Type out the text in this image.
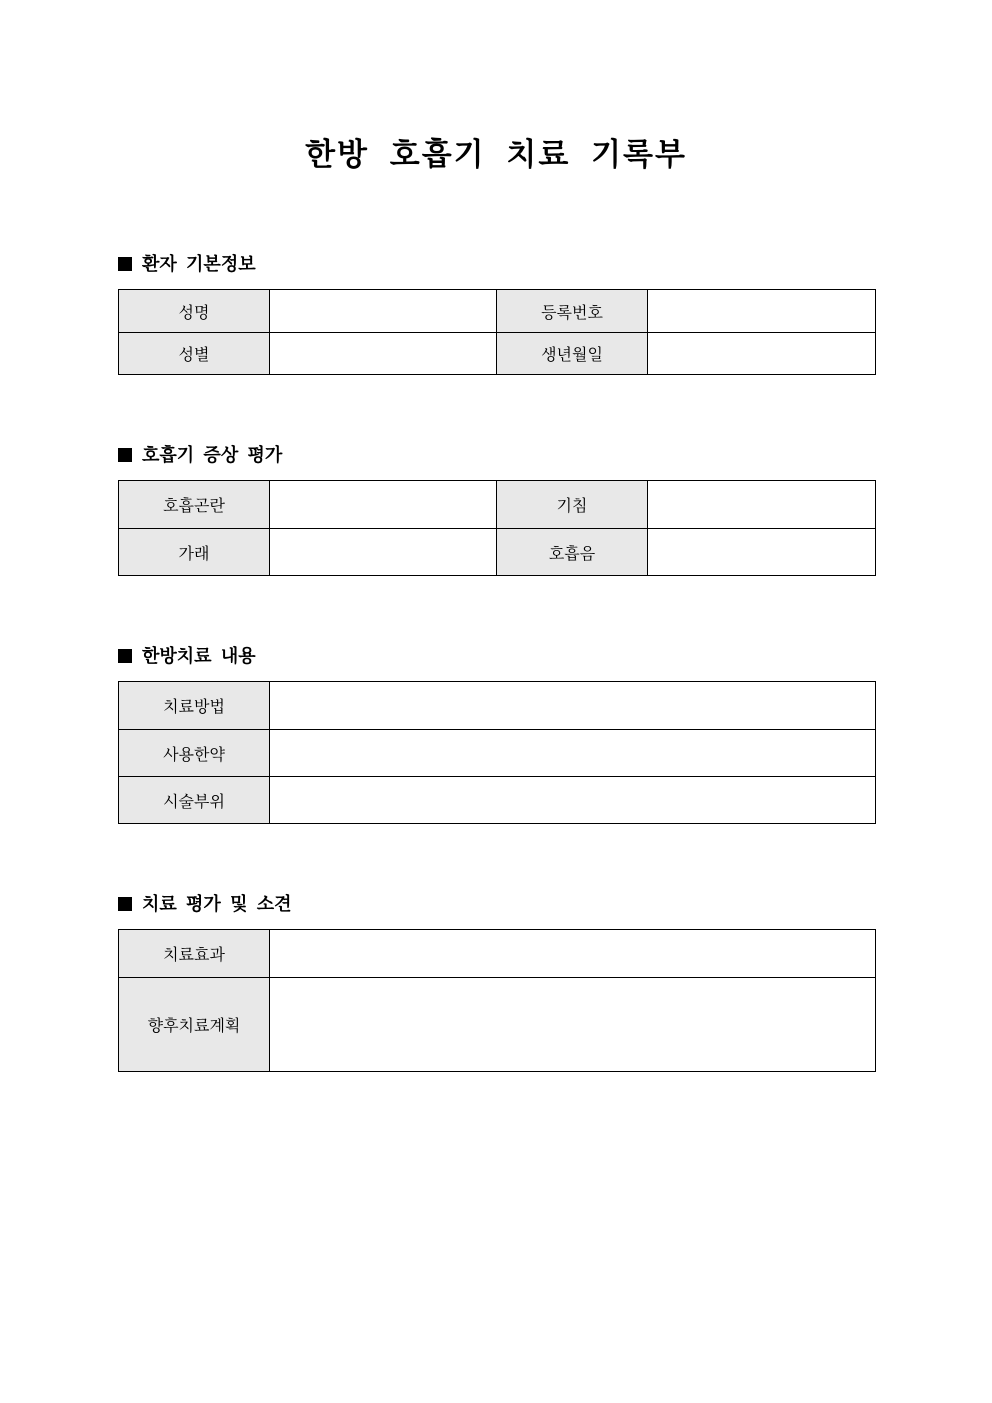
한방 호흡기 치료 기록부
환자 기본정보
성명		등록번호	
성별		생년월일	
호흡기 증상 평가
호흡곤란		기침	
가래		호흡음	
한방치료 내용
치료방법	
사용한약	
시술부위	
치료 평가 및 소견
치료효과	
향후치료계획	
